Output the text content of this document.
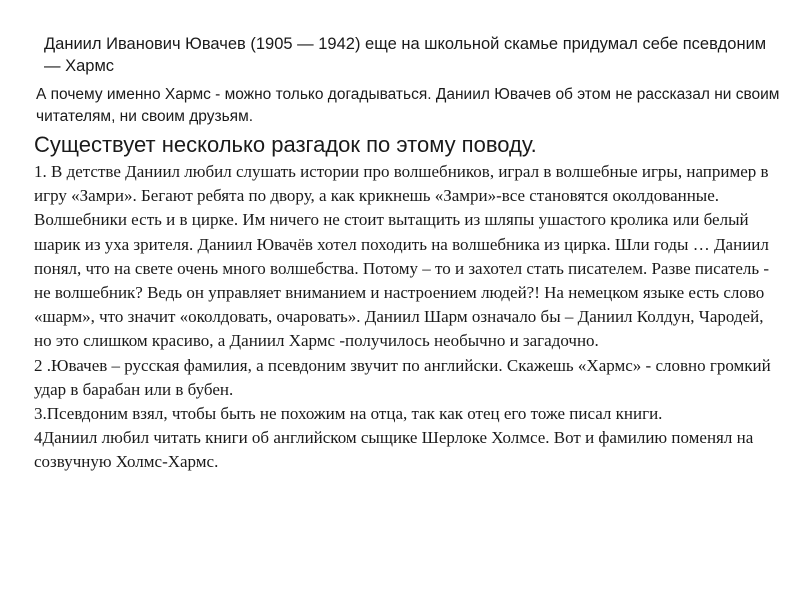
Даниил Иванович Ювачев (1905 — 1942) еще на школьной скамье придумал себе псевдоним — Хармс

А почему именно Хармс - можно только догадываться. Даниил Ювачев об этом не рассказал ни своим читателям, ни своим друзьям.

Существует несколько разгадок по этому поводу.

1. В детстве Даниил любил слушать истории про волшебников, играл в волшебные игры, например в игру «Замри». Бегают ребята по двору, а как крикнешь «Замри»-все становятся околдованные. Волшебники есть и в цирке. Им ничего не стоит вытащить из шляпы ушастого кролика или белый шарик из уха зрителя. Даниил Ювачёв хотел походить на волшебника из цирка. Шли годы … Даниил понял, что на свете очень много волшебства. Потому – то и захотел стать писателем. Разве писатель - не волшебник? Ведь он управляет вниманием и настроением людей?! На немецком языке есть слово «шарм», что значит «околдовать, очаровать». Даниил Шарм означало бы – Даниил Колдун, Чародей, но это слишком красиво, а Даниил Хармс -получилось необычно и загадочно.

2 .Ювачев – русская фамилия, а псевдоним звучит по английски. Скажешь «Хармс» - словно громкий удар в барабан или в бубен.

3.Псевдоним взял, чтобы быть не похожим на отца, так как отец его тоже писал книги.

4Даниил любил читать книги об английском сыщике Шерлоке Холмсе. Вот и фамилию поменял на созвучную Холмс-Хармс.
